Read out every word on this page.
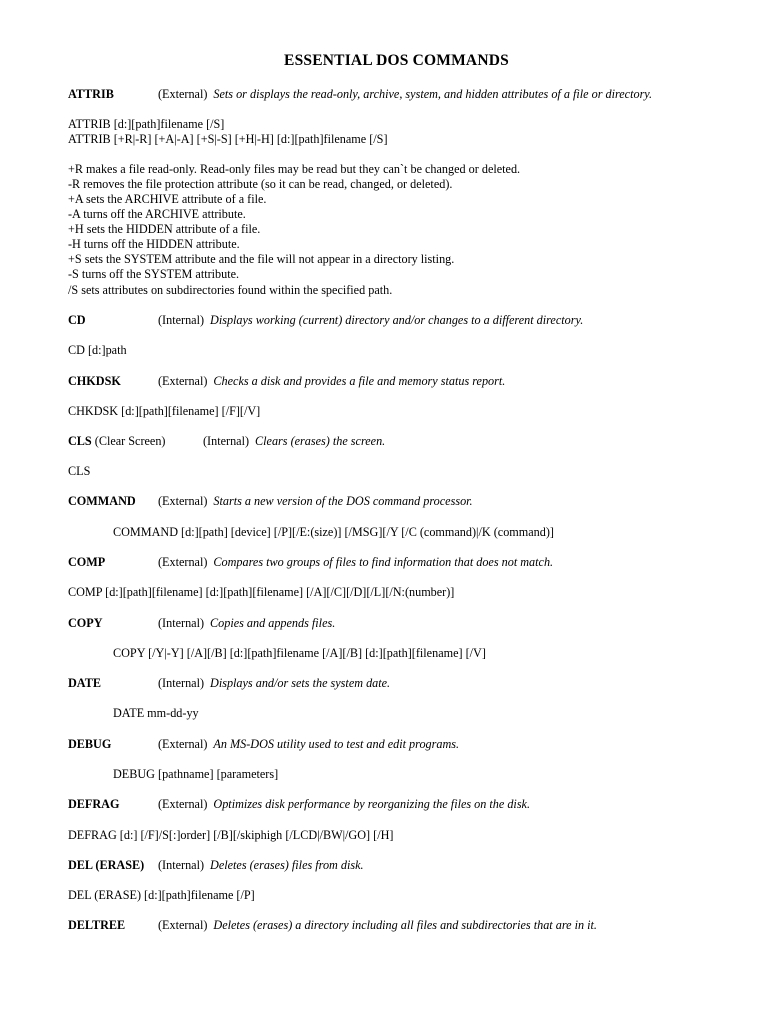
ESSENTIAL DOS COMMANDS
ATTRIB	(External) Sets or displays the read-only, archive, system, and hidden attributes of a file or directory.
ATTRIB [d:][path]filename [/S]
ATTRIB [+R|-R] [+A|-A] [+S|-S] [+H|-H] [d:][path]filename [/S]
+R makes a file read-only. Read-only files may be read but they can`t be changed or deleted.
-R removes the file protection attribute (so it can be read, changed, or deleted).
+A sets the ARCHIVE attribute of a file.
-A turns off the ARCHIVE attribute.
+H sets the HIDDEN attribute of a file.
-H turns off the HIDDEN attribute.
+S sets the SYSTEM attribute and the file will not appear in a directory listing.
-S turns off the SYSTEM attribute.
/S sets attributes on subdirectories found within the specified path.
CD	(Internal) Displays working (current) directory and/or changes to a different directory.
CD [d:]path
CHKDSK	(External) Checks a disk and provides a file and memory status report.
CHKDSK [d:][path][filename] [/F][/V]
CLS (Clear Screen)	(Internal) Clears (erases) the screen.
CLS
COMMAND (External) Starts a new version of the DOS command processor.
COMMAND [d:][path] [device] [/P][/E:(size)] [/MSG][/Y [/C (command)|/K (command)]
COMP	(External) Compares two groups of files to find information that does not match.
COMP [d:][path][filename] [d:][path][filename] [/A][/C][/D][/L][/N:(number)]
COPY	(Internal) Copies and appends files.
COPY [/Y|-Y] [/A][/B] [d:][path]filename [/A][/B] [d:][path][filename] [/V]
DATE	(Internal) Displays and/or sets the system date.
DATE mm-dd-yy
DEBUG	(External) An MS-DOS utility used to test and edit programs.
DEBUG [pathname] [parameters]
DEFRAG	(External) Optimizes disk performance by reorganizing the files on the disk.
DEFRAG [d:] [/F]/S[:]order] [/B][/skiphigh [/LCD|/BW|/GO] [/H]
DEL (ERASE) (Internal) Deletes (erases) files from disk.
DEL (ERASE) [d:][path]filename [/P]
DELTREE	(External) Deletes (erases) a directory including all files and subdirectories that are in it.
